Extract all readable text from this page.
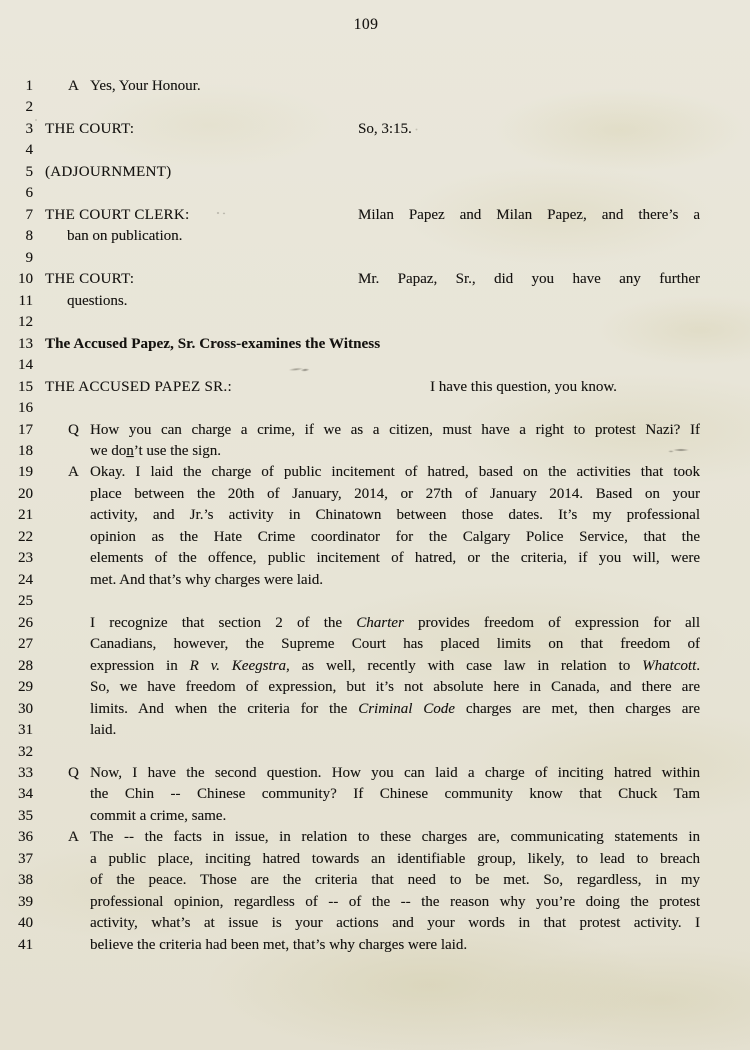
109
1 A Yes, Your Honour.
2
3 THE COURT:	So, 3:15.
4
5 (ADJOURNMENT)
6
7 THE COURT CLERK:	Milan Papez and Milan Papez, and there’s a
8 ban on publication.
9
10 THE COURT:	Mr. Papaz, Sr., did you have any further
11 questions.
12
13 The Accused Papez, Sr. Cross-examines the Witness
14
15 THE ACCUSED PAPEZ SR.:	I have this question, you know.
16
17 Q How you can charge a crime, if we as a citizen, must have a right to protest Nazi? If
18	we don’t use the sign.
19 A Okay. I laid the charge of public incitement of hatred, based on the activities that took
20	place between the 20th of January, 2014, or 27th of January 2014. Based on your
21	activity, and Jr.’s activity in Chinatown between those dates. It’s my professional
22	opinion as the Hate Crime coordinator for the Calgary Police Service, that the
23	elements of the offence, public incitement of hatred, or the criteria, if you will, were
24	met. And that’s why charges were laid.
25
26	I recognize that section 2 of the Charter provides freedom of expression for all
27	Canadians, however, the Supreme Court has placed limits on that freedom of
28	expression in R v. Keegstra, as well, recently with case law in relation to Whatcott.
29	So, we have freedom of expression, but it’s not absolute here in Canada, and there are
30	limits. And when the criteria for the Criminal Code charges are met, then charges are
31	laid.
32
33 Q Now, I have the second question. How you can laid a charge of inciting hatred within
34	the Chin -- Chinese community? If Chinese community know that Chuck Tam
35	commit a crime, same.
36 A The -- the facts in issue, in relation to these charges are, communicating statements in
37	a public place, inciting hatred towards an identifiable group, likely, to lead to breach
38	of the peace. Those are the criteria that need to be met. So, regardless, in my
39	professional opinion, regardless of -- of the -- the reason why you’re doing the protest
40	activity, what’s at issue is your actions and your words in that protest activity. I
41	believe the criteria had been met, that’s why charges were laid.
